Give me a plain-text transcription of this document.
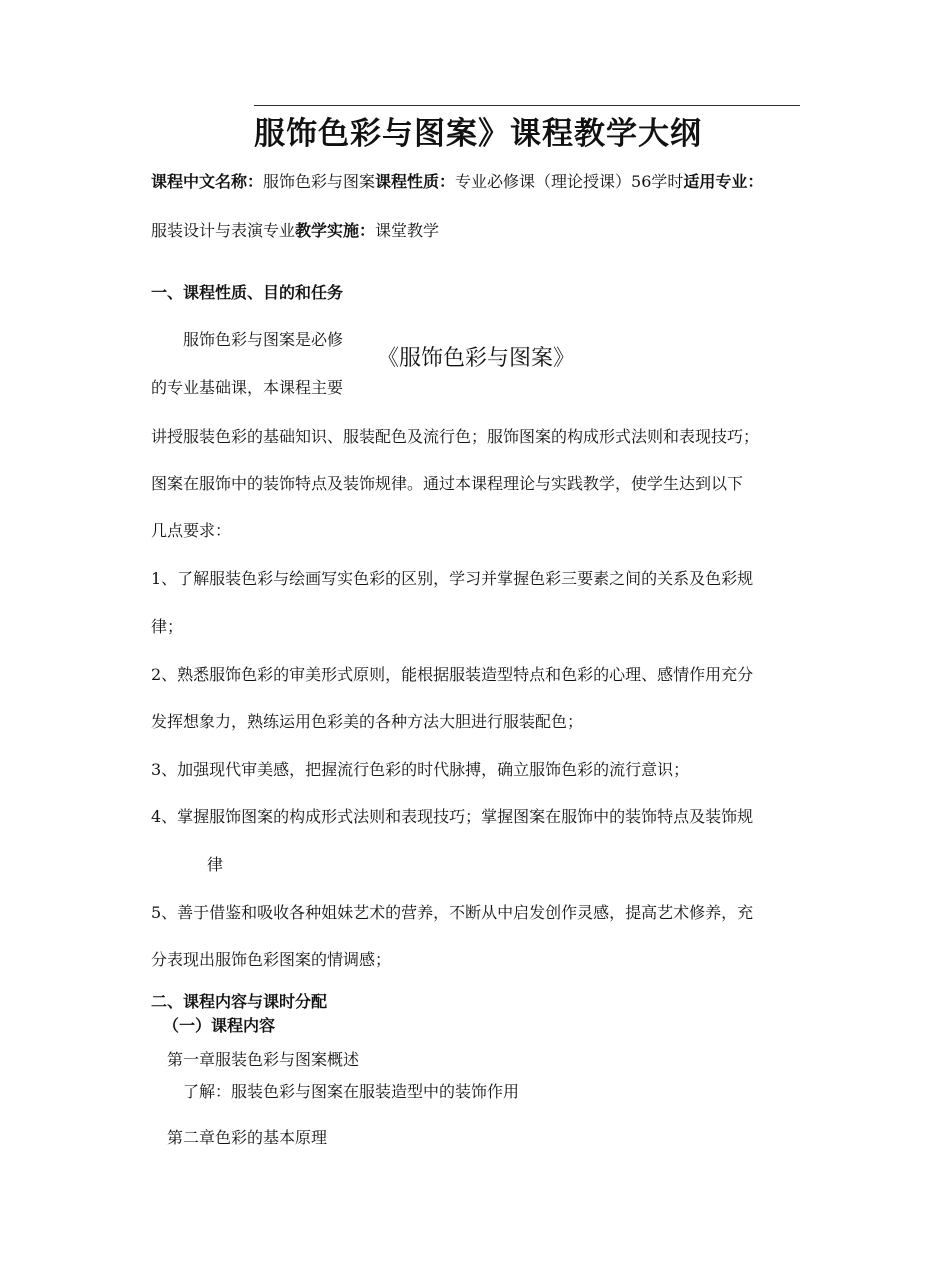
服饰色彩与图案》课程教学大纲
课程中文名称：服饰色彩与图案课程性质：专业必修课（理论授课）56学时适用专业：
服装设计与表演专业教学实施：课堂教学
一、课程性质、目的和任务
服饰色彩与图案是必修
《服饰色彩与图案》
的专业基础课，本课程主要
讲授服装色彩的基础知识、服装配色及流行色；服饰图案的构成形式法则和表现技巧；
图案在服饰中的装饰特点及装饰规律。通过本课程理论与实践教学，使学生达到以下
几点要求：
1、了解服装色彩与绘画写实色彩的区别，学习并掌握色彩三要素之间的关系及色彩规
律；
2、熟悉服饰色彩的审美形式原则，能根据服装造型特点和色彩的心理、感情作用充分
发挥想象力，熟练运用色彩美的各种方法大胆进行服装配色；
3、加强现代审美感，把握流行色彩的时代脉搏，确立服饰色彩的流行意识；
4、掌握服饰图案的构成形式法则和表现技巧；掌握图案在服饰中的装饰特点及装饰规
律
5、善于借鉴和吸收各种姐妹艺术的营养，不断从中启发创作灵感，提高艺术修养，充
分表现出服饰色彩图案的情调感；
二、课程内容与课时分配
（一）课程内容
第一章服装色彩与图案概述
了解：服装色彩与图案在服装造型中的装饰作用
第二章色彩的基本原理
